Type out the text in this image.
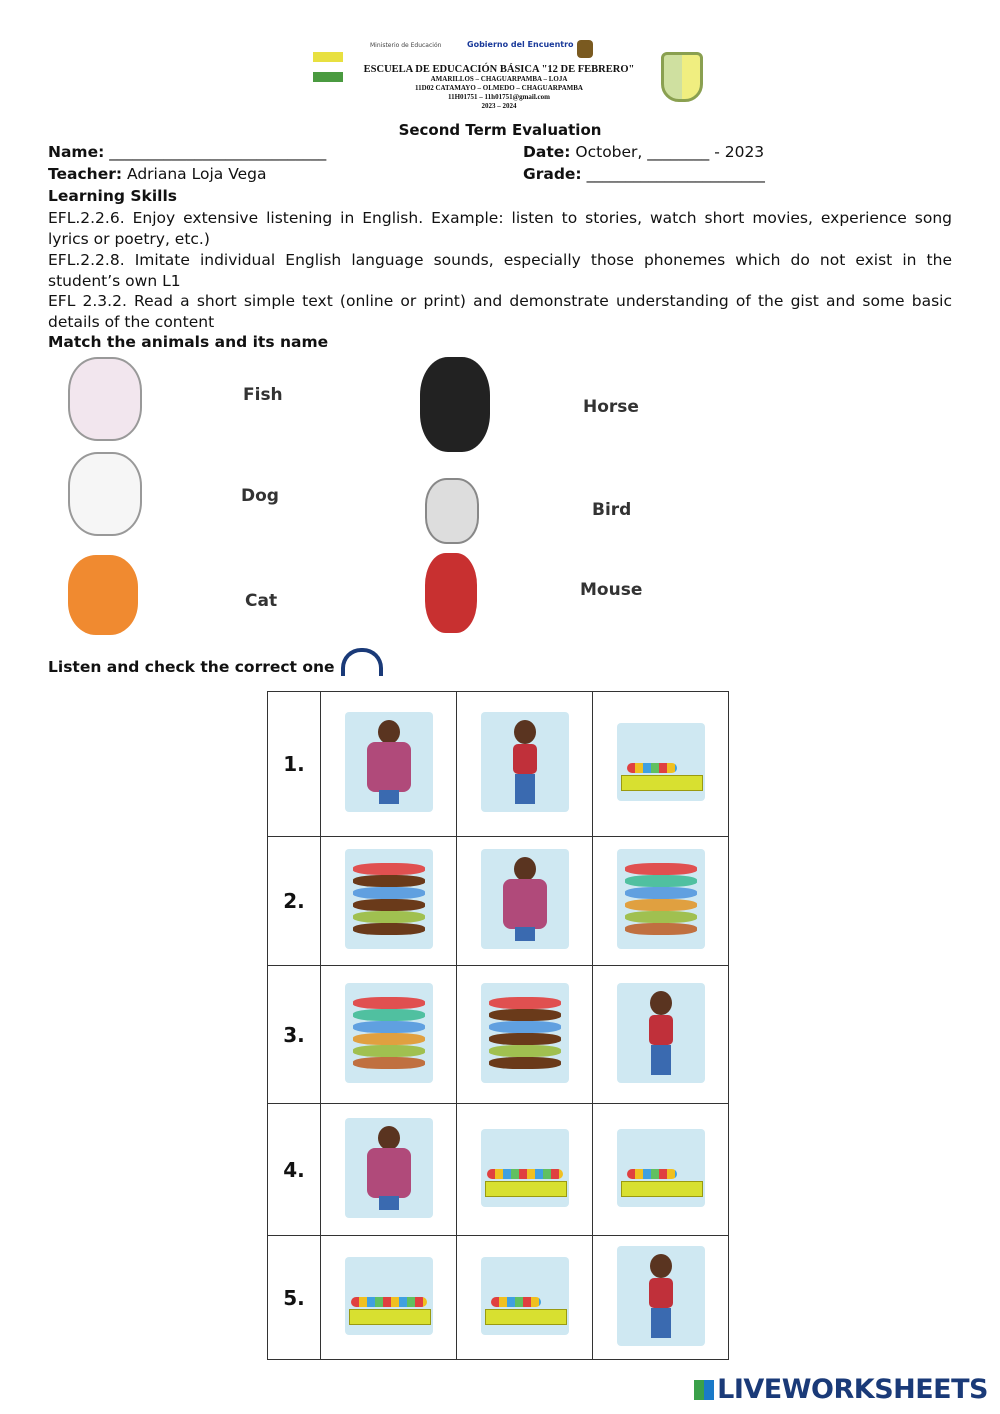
Ministerio de Educación	Gobierno del Encuentro
ESCUELA DE EDUCACIÓN BÁSICA "12 DE FEBRERO"
AMARILLOS – CHAGUARPAMBA – LOJA
11D02 CATAMAYO – OLMEDO – CHAGUARPAMBA
11H01751 – 11h01751@gmail.com
2023 – 2024
Second Term Evaluation
Name: ____________________________	Date: October, ________ - 2023
Teacher: Adriana Loja Vega	Grade: _______________________
Learning Skills
EFL.2.2.6. Enjoy extensive listening in English. Example: listen to stories, watch short movies, experience song lyrics or poetry, etc.)
EFL.2.2.8. Imitate individual English language sounds, especially those phonemes which do not exist in the student’s own L1
EFL 2.3.2. Read a short simple text (online or print) and demonstrate understanding of the gist and some basic details of the content
Match the animals and its name
Fish
Dog
Cat
Horse
Bird
Mouse
Listen and check the correct one
1.	

2.	

3.	

4.	

5.	

LIVEWORKSHEETS
